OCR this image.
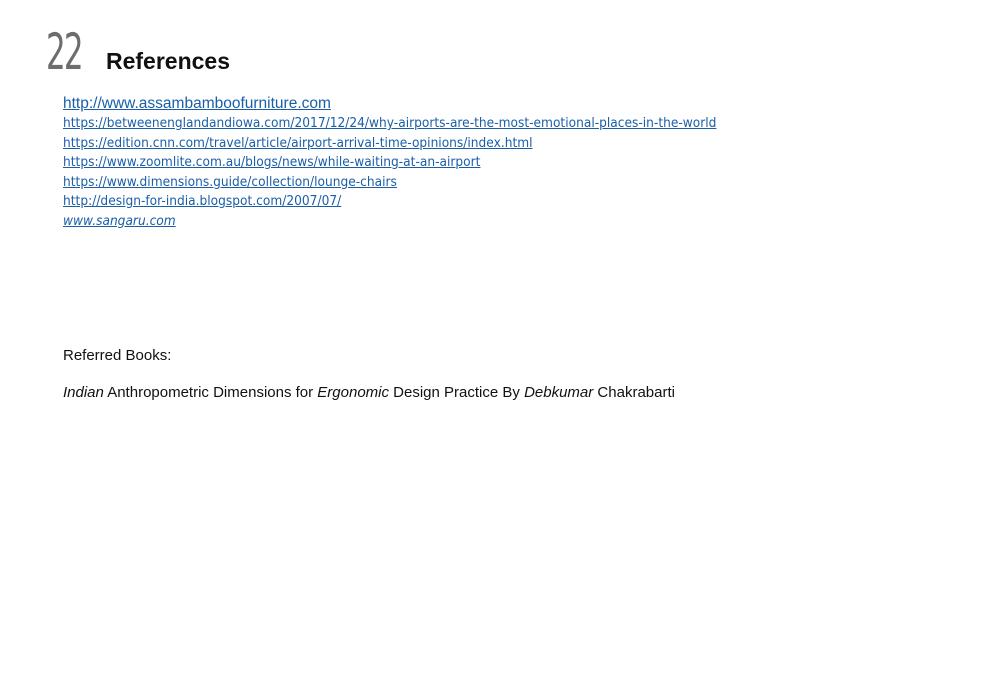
22 References
http://www.assambamboofurniture.com
https://betweenenglandandiowa.com/2017/12/24/why-airports-are-the-most-emotional-places-in-the-world
https://edition.cnn.com/travel/article/airport-arrival-time-opinions/index.html
https://www.zoomlite.com.au/blogs/news/while-waiting-at-an-airport
https://www.dimensions.guide/collection/lounge-chairs
http://design-for-india.blogspot.com/2007/07/
www.sangaru.com
Referred Books:
Indian Anthropometric Dimensions for Ergonomic Design Practice By Debkumar Chakrabarti
